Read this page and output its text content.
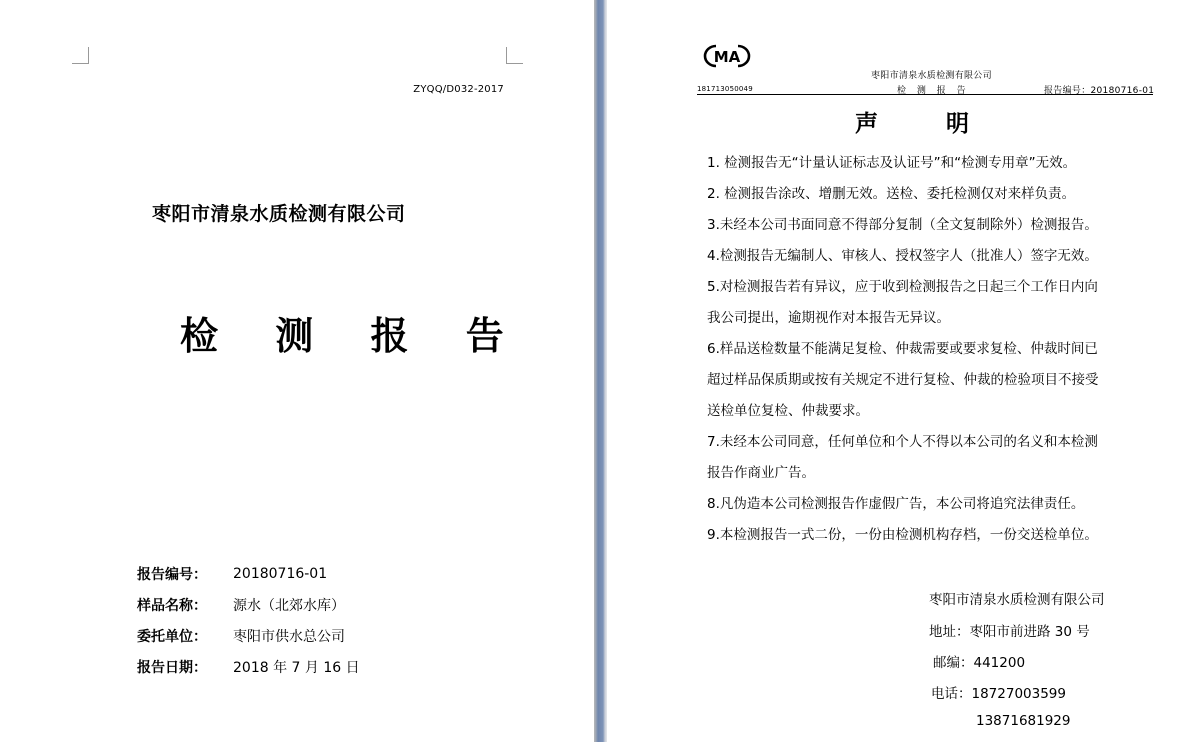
ZYQQ/D032-2017
枣阳市清泉水质检测有限公司
检 测 报 告
报告编号：	20180716-01
样品名称：	源水（北郊水库）
委托单位：	枣阳市供水总公司
报告日期：	2018 年 7 月 16 日
MA
枣阳市清泉水质检测有限公司
181713050049	检 测 报 告	报告编号：20180716-01
声 明
1. 检测报告无“计量认证标志及认证号”和“检测专用章”无效。
2. 检测报告涂改、增删无效。送检、委托检测仅对来样负责。
3.未经本公司书面同意不得部分复制（全文复制除外）检测报告。
4.检测报告无编制人、审核人、授权签字人（批准人）签字无效。
5.对检测报告若有异议，应于收到检测报告之日起三个工作日内向
我公司提出，逾期视作对本报告无异议。
6.样品送检数量不能满足复检、仲裁需要或要求复检、仲裁时间已
超过样品保质期或按有关规定不进行复检、仲裁的检验项目不接受
送检单位复检、仲裁要求。
7.未经本公司同意，任何单位和个人不得以本公司的名义和本检测
报告作商业广告。
8.凡伪造本公司检测报告作虚假广告，本公司将追究法律责任。
9.本检测报告一式二份，一份由检测机构存档，一份交送检单位。
枣阳市清泉水质检测有限公司
地址：枣阳市前进路 30 号
邮编：441200
电话：18727003599
13871681929
